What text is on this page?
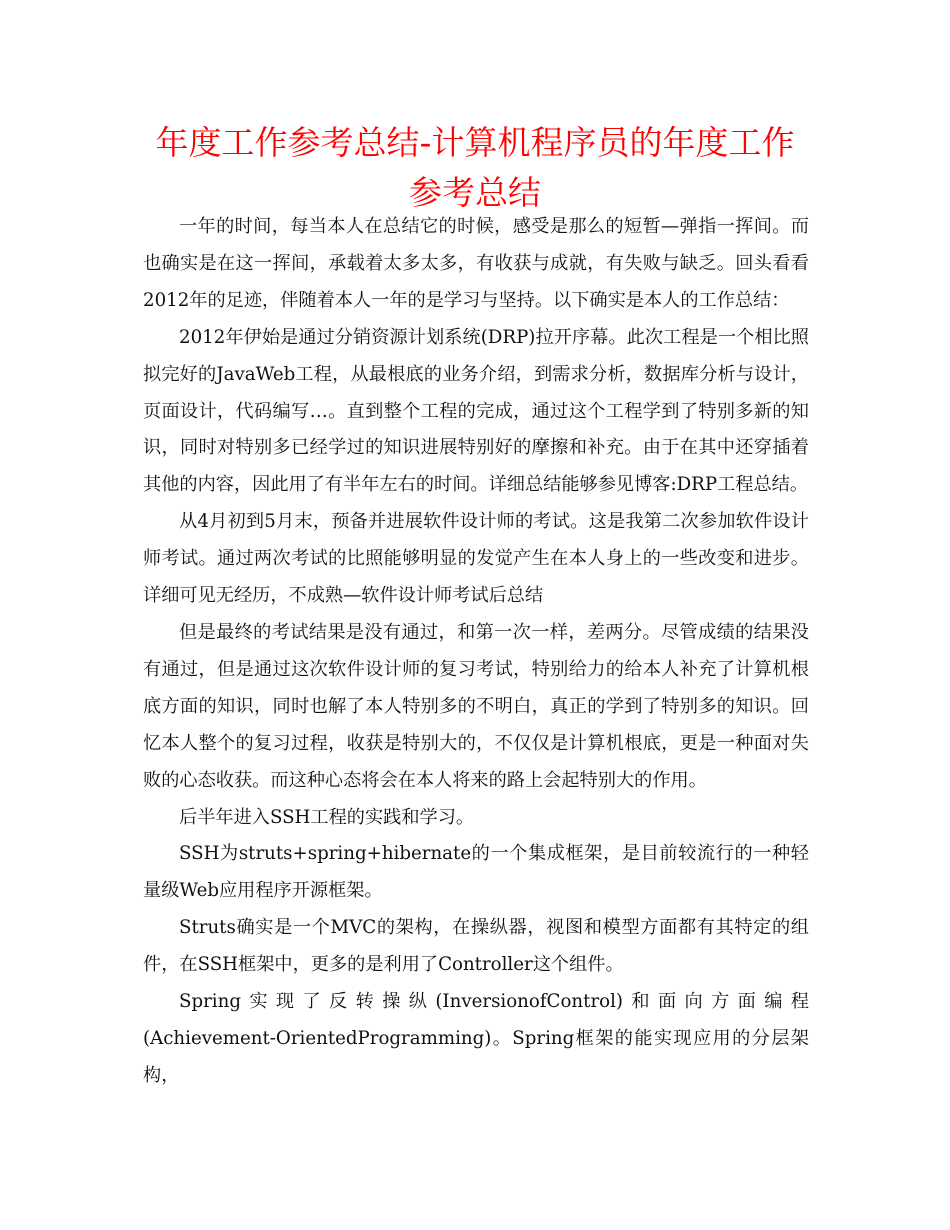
年度工作参考总结-计算机程序员的年度工作参考总结

一年的时间，每当本人在总结它的时候，感受是那么的短暂—弹指一挥间。而也确实是在这一挥间，承载着太多太多，有收获与成就，有失败与缺乏。回头看看2012年的足迹，伴随着本人一年的是学习与坚持。以下确实是本人的工作总结：

2012年伊始是通过分销资源计划系统(DRP)拉开序幕。此次工程是一个相比照拟完好的JavaWeb工程，从最根底的业务介绍，到需求分析，数据库分析与设计，页面设计，代码编写…。直到整个工程的完成，通过这个工程学到了特别多新的知识，同时对特别多已经学过的知识进展特别好的摩擦和补充。由于在其中还穿插着其他的内容，因此用了有半年左右的时间。详细总结能够参见博客:DRP工程总结。

从4月初到5月末，预备并进展软件设计师的考试。这是我第二次参加软件设计师考试。通过两次考试的比照能够明显的发觉产生在本人身上的一些改变和进步。详细可见无经历，不成熟—软件设计师考试后总结

但是最终的考试结果是没有通过，和第一次一样，差两分。尽管成绩的结果没有通过，但是通过这次软件设计师的复习考试，特别给力的给本人补充了计算机根底方面的知识，同时也解了本人特别多的不明白，真正的学到了特别多的知识。回忆本人整个的复习过程，收获是特别大的，不仅仅是计算机根底，更是一种面对失败的心态收获。而这种心态将会在本人将来的路上会起特别大的作用。

后半年进入SSH工程的实践和学习。

SSH为struts+spring+hibernate的一个集成框架，是目前较流行的一种轻量级Web应用程序开源框架。

Struts确实是一个MVC的架构，在操纵器，视图和模型方面都有其特定的组件，在SSH框架中，更多的是利用了Controller这个组件。

Spring实现了反转操纵(InversionofControl)和面向方面编程(Achievement-OrientedProgramming)。Spring框架的能实现应用的分层架构，
